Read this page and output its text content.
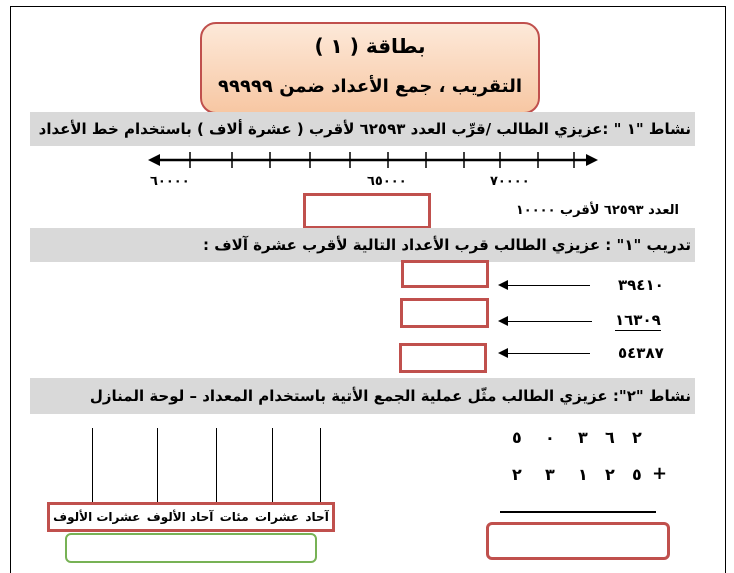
بطاقة ( ١ )
التقريب ، جمع الأعداد ضمن ٩٩٩٩٩
نشاط "١ " :عزيزي الطالب /قرِّب العدد ٦٢٥٩٣ لأقرب ( عشرة ألاف ) باستخدام خط الأعداد
٦٠٠٠٠	٦٥٠٠٠	٧٠٠٠٠
العدد ٦٢٥٩٣ لأقرب ١٠٠٠٠
تدريب "١" : عزيزي الطالب قرب الأعداد التالية لأقرب عشرة آلاف :
٣٩٤١٠
١٦٣٠٩
٥٤٣٨٧
نشاط "٢": عزيزي الطالب مثّل عملية الجمع الأتية باستخدام المعداد – لوحة المنازل
آحاد
عشرات
مئات
آحاد الألوف
عشرات الألوف
٥ ٠ ٣ ٦ ٢
٢ ٣ ١ ٢ ٥ +
